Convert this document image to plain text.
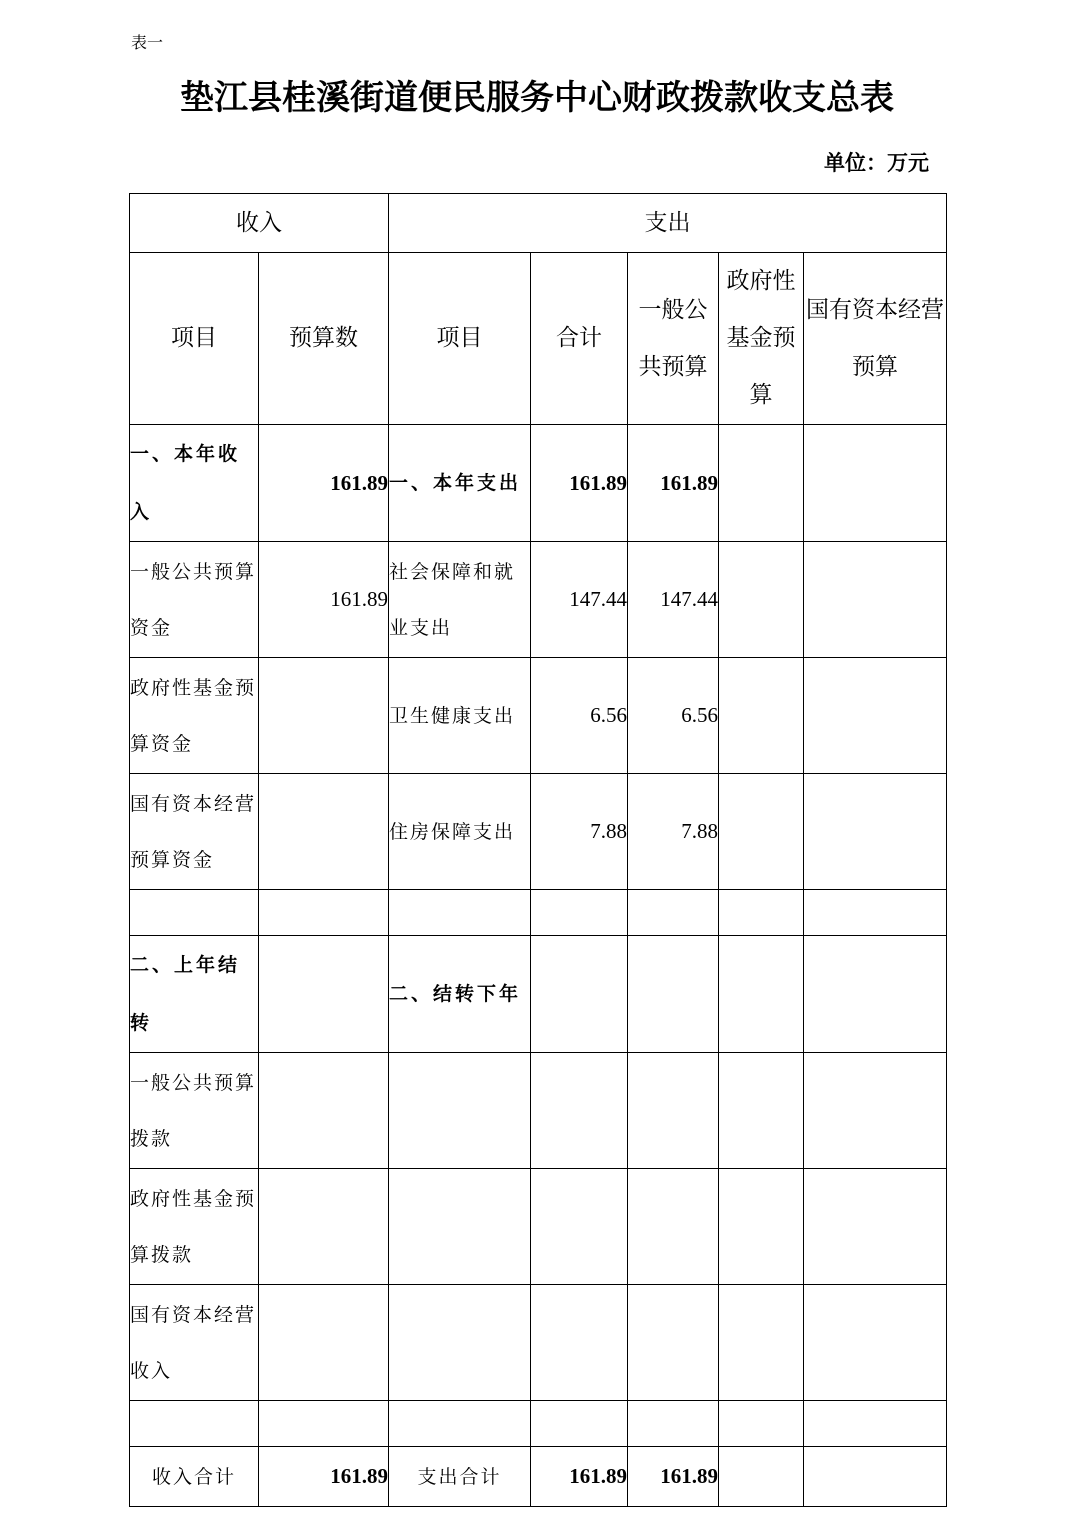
表一
垫江县桂溪街道便民服务中心财政拨款收支总表
单位：万元
收入		支出				
项目	预算数	项目	合计	一般公共预算	政府性基金预算	国有资本经营预算
一、本年收入	161.89	一、本年支出	161.89	161.89		
一般公共预算资金	161.89	社会保障和就业支出	147.44	147.44		
政府性基金预算资金		卫生健康支出	6.56	6.56		
国有资本经营预算资金		住房保障支出	7.88	7.88		

二、上年结转		二、结转下年				
一般公共预算拨款						
政府性基金预算拨款						
国有资本经营收入						

收入合计	161.89	支出合计	161.89	161.89		
